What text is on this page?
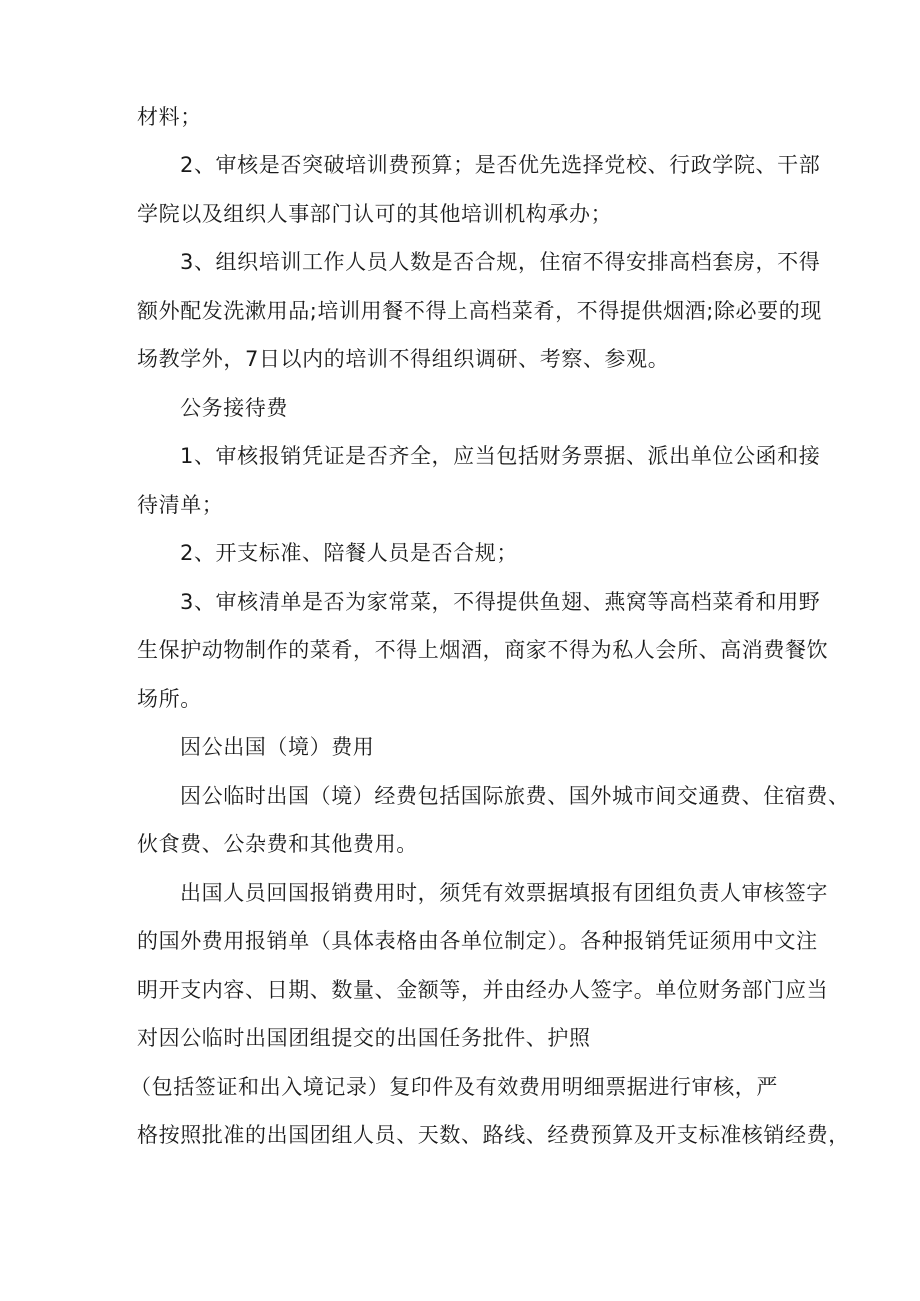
材料；
2、审核是否突破培训费预算；是否优先选择党校、行政学院、干部
学院以及组织人事部门认可的其他培训机构承办；
3、组织培训工作人员人数是否合规，住宿不得安排高档套房，不得
额外配发洗漱用品;培训用餐不得上高档菜肴，不得提供烟酒;除必要的现
场教学外，7日以内的培训不得组织调研、考察、参观。
公务接待费
1、审核报销凭证是否齐全，应当包括财务票据、派出单位公函和接
待清单；
2、开支标准、陪餐人员是否合规；
3、审核清单是否为家常菜，不得提供鱼翅、燕窝等高档菜肴和用野
生保护动物制作的菜肴，不得上烟酒，商家不得为私人会所、高消费餐饮
场所。
因公出国（境）费用
因公临时出国（境）经费包括国际旅费、国外城市间交通费、住宿费、
伙食费、公杂费和其他费用。
出国人员回国报销费用时，须凭有效票据填报有团组负责人审核签字
的国外费用报销单（具体表格由各单位制定）。各种报销凭证须用中文注
明开支内容、日期、数量、金额等，并由经办人签字。单位财务部门应当
对因公临时出国团组提交的出国任务批件、护照
（包括签证和出入境记录）复印件及有效费用明细票据进行审核，严
格按照批准的出国团组人员、天数、路线、经费预算及开支标准核销经费，
